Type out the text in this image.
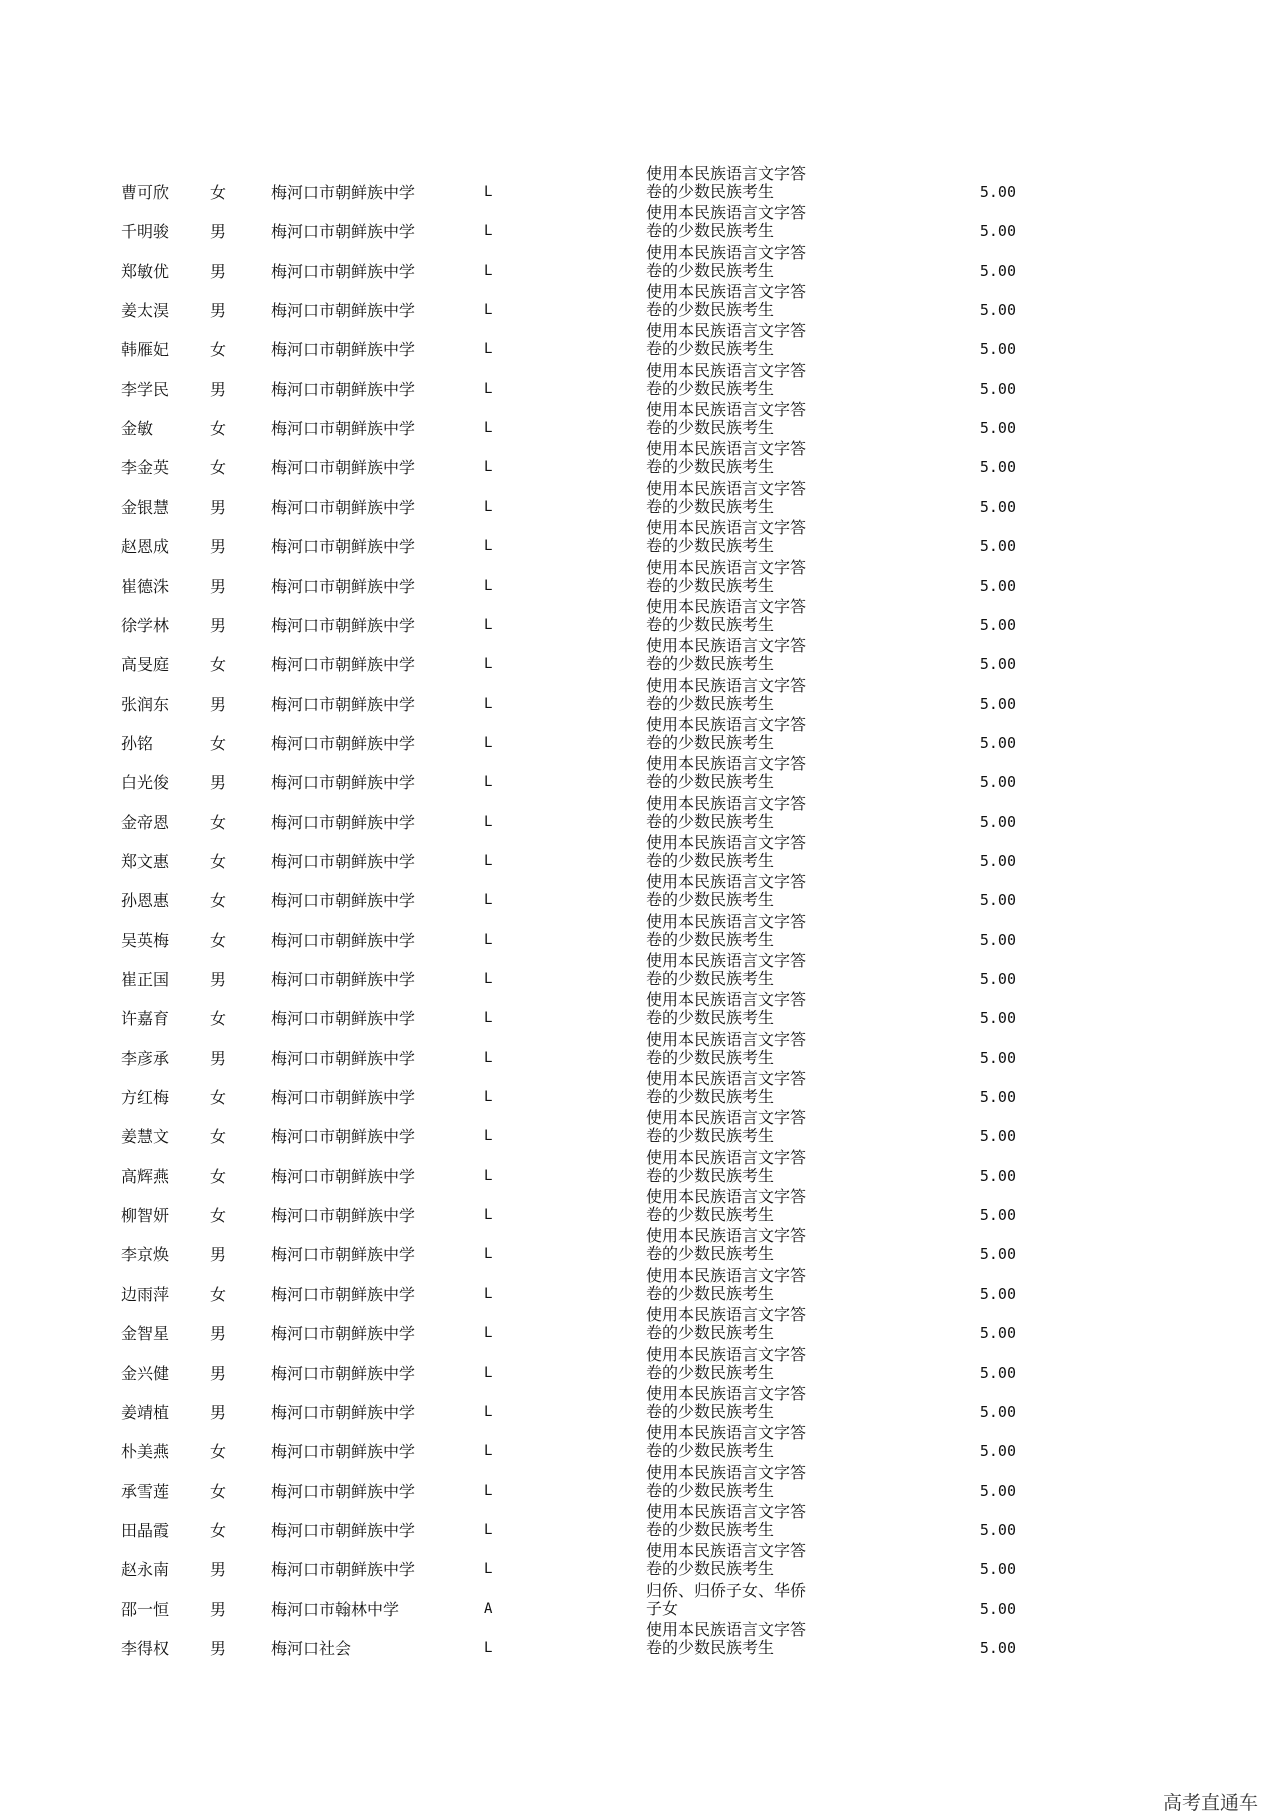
曹可欣	女	梅河口市朝鲜族中学	L
使用本民族语言文字答
卷的少数民族考生	5.00
千明骏	男	梅河口市朝鲜族中学	L
使用本民族语言文字答
卷的少数民族考生	5.00
郑敏优	男	梅河口市朝鲜族中学	L
使用本民族语言文字答
卷的少数民族考生	5.00
姜太淏	男	梅河口市朝鲜族中学	L
使用本民族语言文字答
卷的少数民族考生	5.00
韩雁妃	女	梅河口市朝鲜族中学	L
使用本民族语言文字答
卷的少数民族考生	5.00
李学民	男	梅河口市朝鲜族中学	L
使用本民族语言文字答
卷的少数民族考生	5.00
金敏	女	梅河口市朝鲜族中学	L
使用本民族语言文字答
卷的少数民族考生	5.00
李金英	女	梅河口市朝鲜族中学	L
使用本民族语言文字答
卷的少数民族考生	5.00
金银慧	男	梅河口市朝鲜族中学	L
使用本民族语言文字答
卷的少数民族考生	5.00
赵恩成	男	梅河口市朝鲜族中学	L
使用本民族语言文字答
卷的少数民族考生	5.00
崔德洙	男	梅河口市朝鲜族中学	L
使用本民族语言文字答
卷的少数民族考生	5.00
徐学林	男	梅河口市朝鲜族中学	L
使用本民族语言文字答
卷的少数民族考生	5.00
高旻庭	女	梅河口市朝鲜族中学	L
使用本民族语言文字答
卷的少数民族考生	5.00
张润东	男	梅河口市朝鲜族中学	L
使用本民族语言文字答
卷的少数民族考生	5.00
孙铭	女	梅河口市朝鲜族中学	L
使用本民族语言文字答
卷的少数民族考生	5.00
白光俊	男	梅河口市朝鲜族中学	L
使用本民族语言文字答
卷的少数民族考生	5.00
金帝恩	女	梅河口市朝鲜族中学	L
使用本民族语言文字答
卷的少数民族考生	5.00
郑文惠	女	梅河口市朝鲜族中学	L
使用本民族语言文字答
卷的少数民族考生	5.00
孙恩惠	女	梅河口市朝鲜族中学	L
使用本民族语言文字答
卷的少数民族考生	5.00
吴英梅	女	梅河口市朝鲜族中学	L
使用本民族语言文字答
卷的少数民族考生	5.00
崔正国	男	梅河口市朝鲜族中学	L
使用本民族语言文字答
卷的少数民族考生	5.00
许嘉育	女	梅河口市朝鲜族中学	L
使用本民族语言文字答
卷的少数民族考生	5.00
李彦承	男	梅河口市朝鲜族中学	L
使用本民族语言文字答
卷的少数民族考生	5.00
方红梅	女	梅河口市朝鲜族中学	L
使用本民族语言文字答
卷的少数民族考生	5.00
姜慧文	女	梅河口市朝鲜族中学	L
使用本民族语言文字答
卷的少数民族考生	5.00
高辉燕	女	梅河口市朝鲜族中学	L
使用本民族语言文字答
卷的少数民族考生	5.00
柳智妍	女	梅河口市朝鲜族中学	L
使用本民族语言文字答
卷的少数民族考生	5.00
李京焕	男	梅河口市朝鲜族中学	L
使用本民族语言文字答
卷的少数民族考生	5.00
边雨萍	女	梅河口市朝鲜族中学	L
使用本民族语言文字答
卷的少数民族考生	5.00
金智星	男	梅河口市朝鲜族中学	L
使用本民族语言文字答
卷的少数民族考生	5.00
金兴健	男	梅河口市朝鲜族中学	L
使用本民族语言文字答
卷的少数民族考生	5.00
姜靖植	男	梅河口市朝鲜族中学	L
使用本民族语言文字答
卷的少数民族考生	5.00
朴美燕	女	梅河口市朝鲜族中学	L
使用本民族语言文字答
卷的少数民族考生	5.00
承雪莲	女	梅河口市朝鲜族中学	L
使用本民族语言文字答
卷的少数民族考生	5.00
田晶霞	女	梅河口市朝鲜族中学	L
使用本民族语言文字答
卷的少数民族考生	5.00
赵永南	男	梅河口市朝鲜族中学	L
使用本民族语言文字答
卷的少数民族考生	5.00
邵一恒	男	梅河口市翰林中学	A
归侨、归侨子女、华侨
子女	5.00
李得权	男	梅河口社会	L
使用本民族语言文字答
卷的少数民族考生	5.00
高考直通车
